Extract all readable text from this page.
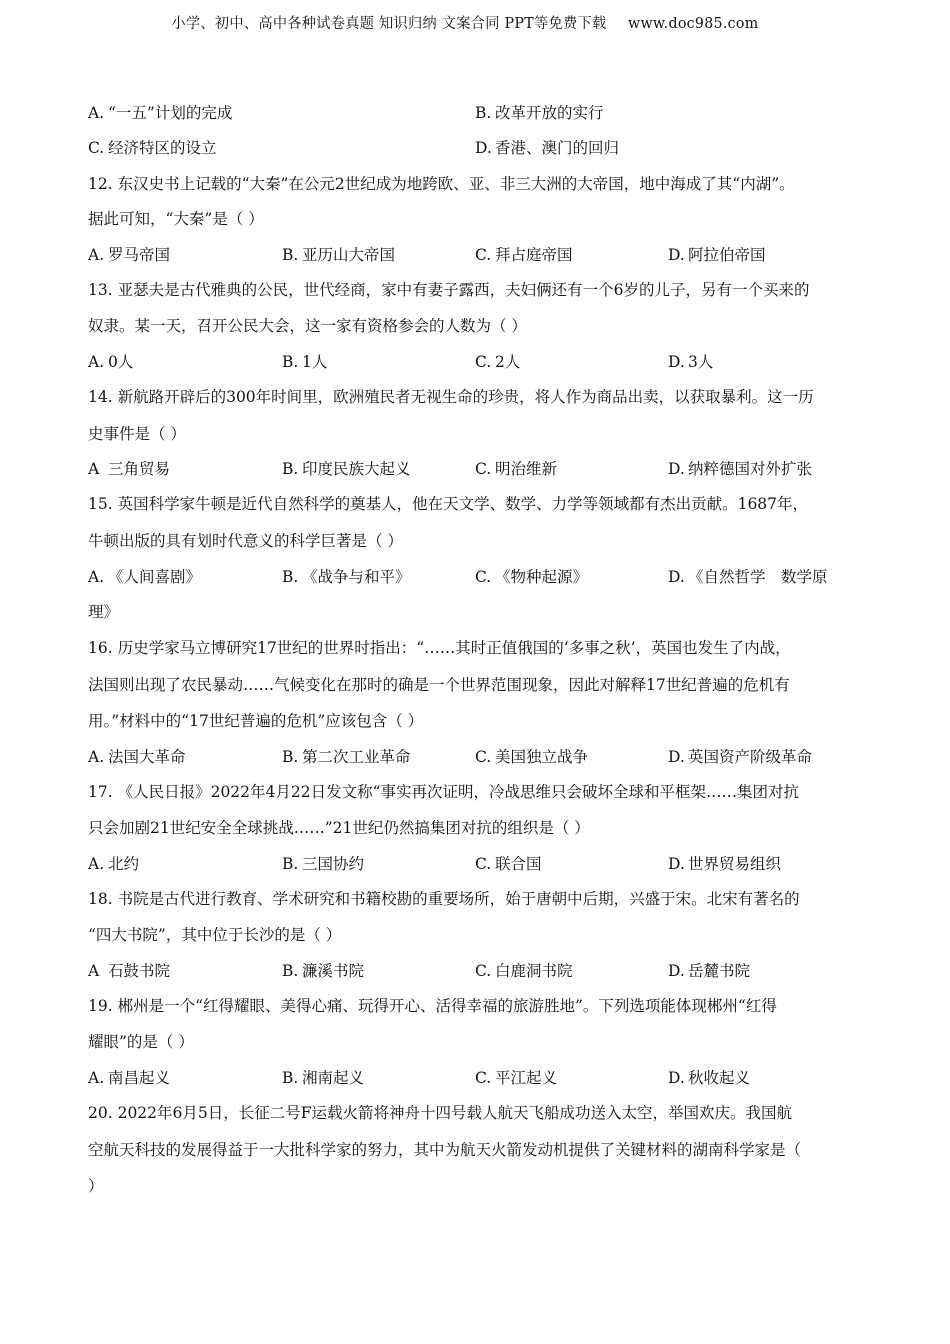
小学、初中、高中各种试卷真题 知识归纳 文案合同 PPT等免费下载 www.doc985.com
A. “一五”计划的完成	B. 改革开放的实行
C. 经济特区的设立	D. 香港、澳门的回归
12. 东汉史书上记载的“大秦”在公元2世纪成为地跨欧、亚、非三大洲的大帝国，地中海成了其“内湖”。
据此可知，“大秦”是（ ）
A. 罗马帝国	B. 亚历山大帝国	C. 拜占庭帝国	D. 阿拉伯帝国
13. 亚瑟夫是古代雅典的公民，世代经商，家中有妻子露西，夫妇俩还有一个6岁的儿子，另有一个买来的
奴隶。某一天，召开公民大会，这一家有资格参会的人数为（ ）
A. 0人	B. 1人	C. 2人	D. 3人
14. 新航路开辟后的300年时间里，欧洲殖民者无视生命的珍贵，将人作为商品出卖，以获取暴利。这一历
史事件是（ ）
A 三角贸易	B. 印度民族大起义	C. 明治维新	D. 纳粹德国对外扩张
15. 英国科学家牛顿是近代自然科学的奠基人，他在天文学、数学、力学等领域都有杰出贡献。1687年，
牛顿出版的具有划时代意义的科学巨著是（ ）
A. 《人间喜剧》	B. 《战争与和平》	C. 《物种起源》	D. 《自然哲学　数学原
理》
16. 历史学家马立博研究17世纪的世界时指出：“……其时正值俄国的‘多事之秋’，英国也发生了内战，
法国则出现了农民暴动……气候变化在那时的确是一个世界范围现象，因此对解释17世纪普遍的危机有
用。”材料中的“17世纪普遍的危机”应该包含（ ）
A. 法国大革命	B. 第二次工业革命	C. 美国独立战争	D. 英国资产阶级革命
17. 《人民日报》2022年4月22日发文称“事实再次证明，冷战思维只会破坏全球和平框架……集团对抗
只会加剧21世纪安全全球挑战……”21世纪仍然搞集团对抗的组织是（ ）
A. 北约	B. 三国协约	C. 联合国	D. 世界贸易组织
18. 书院是古代进行教育、学术研究和书籍校勘的重要场所，始于唐朝中后期，兴盛于宋。北宋有著名的
“四大书院”，其中位于长沙的是（ ）
A 石鼓书院	B. 濂溪书院	C. 白鹿洞书院	D. 岳麓书院
19. 郴州是一个“红得耀眼、美得心痛、玩得开心、活得幸福的旅游胜地”。下列选项能体现郴州“红得
耀眼”的是（ ）
A. 南昌起义	B. 湘南起义	C. 平江起义	D. 秋收起义
20. 2022年6月5日，长征二号F运载火箭将神舟十四号载人航天飞船成功送入太空，举国欢庆。我国航
空航天科技的发展得益于一大批科学家的努力，其中为航天火箭发动机提供了关键材料的湖南科学家是（
）
